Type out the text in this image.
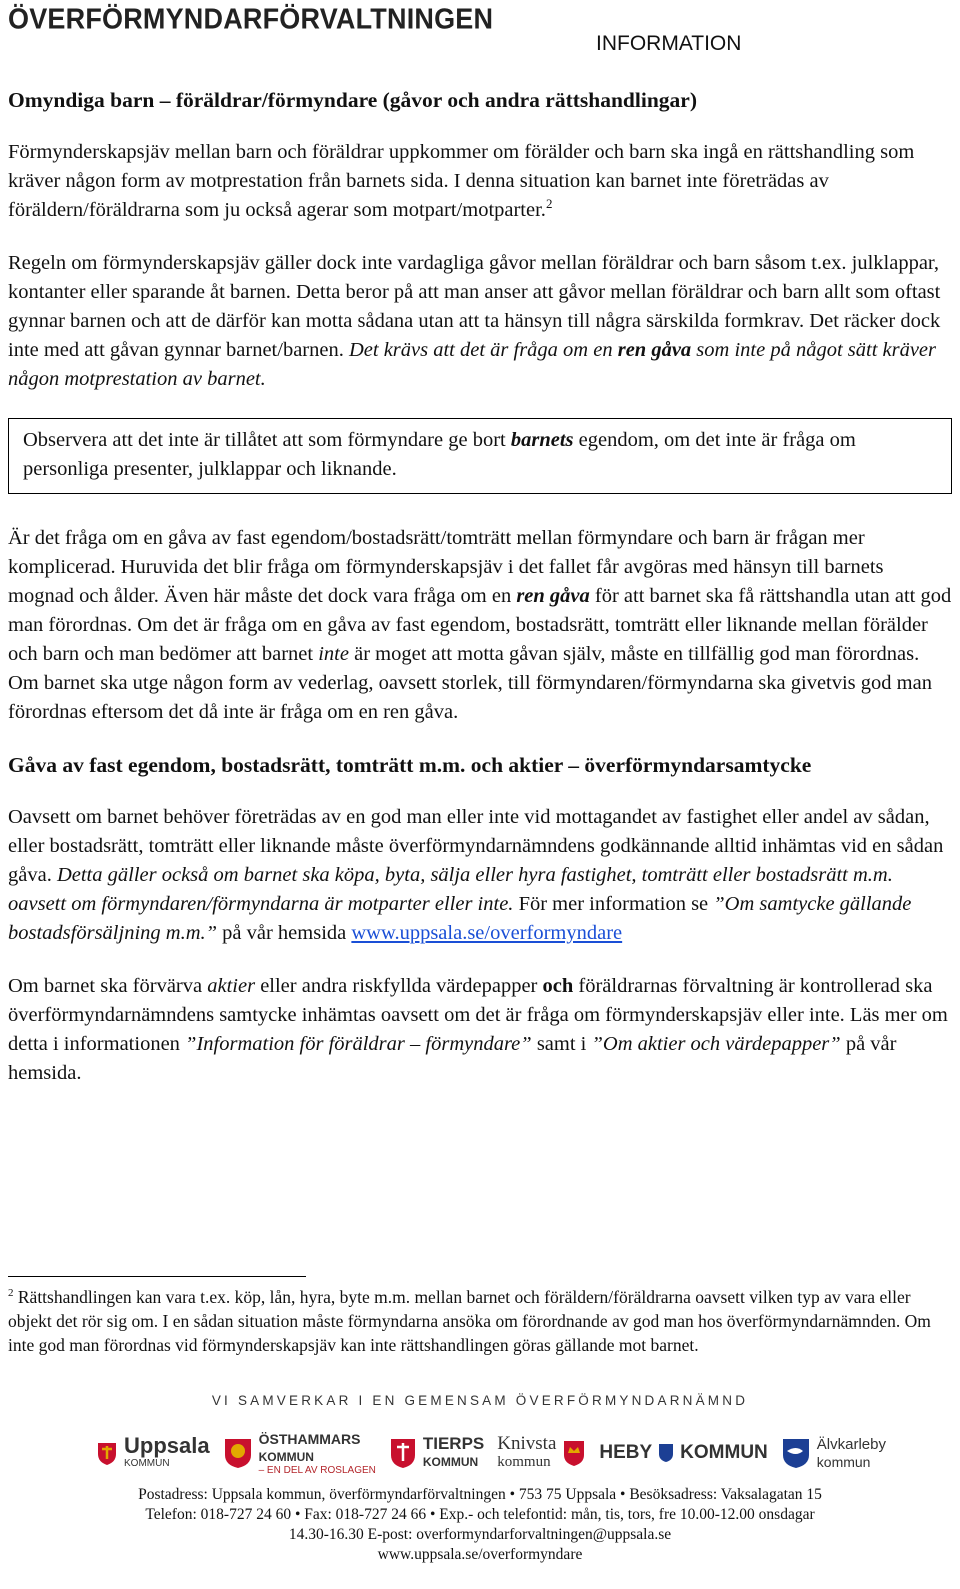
ÖVERFÖRMYNDARFÖRVALTNINGEN
INFORMATION
Omyndiga barn – föräldrar/förmyndare (gåvor och andra rättshandlingar)

Förmynderskapsjäv mellan barn och föräldrar uppkommer om förälder och barn ska ingå en rättshandling som kräver någon form av motprestation från barnets sida. I denna situation kan barnet inte företrädas av föräldern/föräldrarna som ju också agerar som motpart/motparter.$^2$

Regeln om förmynderskapsjäv gäller dock inte vardagliga gåvor mellan föräldrar och barn såsom t.ex. julklappar, kontanter eller sparande åt barnen. Detta beror på att man anser att gåvor mellan föräldrar och barn allt som oftast gynnar barnen och att de därför kan motta sådana utan att ta hänsyn till några särskilda formkrav. Det räcker dock inte med att gåvan gynnar barnet/barnen. Det krävs att det är fråga om en ren gåva som inte på något sätt kräver någon motprestation av barnet.

Observera att det inte är tillåtet att som förmyndare ge bort barnets egendom, om det inte är fråga om personliga presenter, julklappar och liknande.

Är det fråga om en gåva av fast egendom/bostadsrätt/tomträtt mellan förmyndare och barn är frågan mer komplicerad. Huruvida det blir fråga om förmynderskapsjäv i det fallet får avgöras med hänsyn till barnets mognad och ålder. Även här måste det dock vara fråga om en ren gåva för att barnet ska få rättshandla utan att god man förordnas. Om det är fråga om en gåva av fast egendom, bostadsrätt, tomträtt eller liknande mellan förälder och barn och man bedömer att barnet inte är moget att motta gåvan själv, måste en tillfällig god man förordnas. Om barnet ska utge någon form av vederlag, oavsett storlek, till förmyndaren/förmyndarna ska givetvis god man förordnas eftersom det då inte är fråga om en ren gåva.

Gåva av fast egendom, bostadsrätt, tomträtt m.m. och aktier – överförmyndarsamtycke

Oavsett om barnet behöver företrädas av en god man eller inte vid mottagandet av fastighet eller andel av sådan, eller bostadsrätt, tomträtt eller liknande måste överförmyndarnämndens godkännande alltid inhämtas vid en sådan gåva. Detta gäller också om barnet ska köpa, byta, sälja eller hyra fastighet, tomträtt eller bostadsrätt m.m. oavsett om förmyndaren/förmyndarna är motparter eller inte. För mer information se ”Om samtycke gällande bostadsförsäljning m.m.” på vår hemsida www.uppsala.se/overformyndare

Om barnet ska förvärva aktier eller andra riskfyllda värdepapper och föräldrarnas förvaltning är kontrollerad ska överförmyndarnämndens samtycke inhämtas oavsett om det är fråga om förmynderskapsjäv eller inte. Läs mer om detta i informationen ”Information för föräldrar – förmyndare” samt i ”Om aktier och värdepapper” på vår hemsida.

$^2$ Rättshandlingen kan vara t.ex. köp, lån, hyra, byte m.m. mellan barnet och föräldern/föräldrarna oavsett vilken typ av vara eller objekt det rör sig om. I en sådan situation måste förmyndarna ansöka om förordnande av god man hos överförmyndarnämnden. Om inte god man förordnas vid förmynderskapsjäv kan inte rättshandlingen göras gällande mot barnet.
VI SAMVERKAR I EN GEMENSAM ÖVERFÖRMYNDARNÄMND
Uppsala
KOMMUN
ÖSTHAMMARS
KOMMUN
– EN DEL AV ROSLAGEN
TIERPS
KOMMUN
Knivsta
kommun	HEBY KOMMUN	Älvkarleby
kommun
Postadress: Uppsala kommun, överförmyndarförvaltningen • 753 75 Uppsala • Besöksadress: Vaksalagatan 15
Telefon: 018-727 24 60 • Fax: 018-727 24 66 • Exp.- och telefontid: mån, tis, tors, fre 10.00-12.00 onsdagar
14.30-16.30 E-post: overformyndarforvaltningen@uppsala.se
www.uppsala.se/overformyndare
